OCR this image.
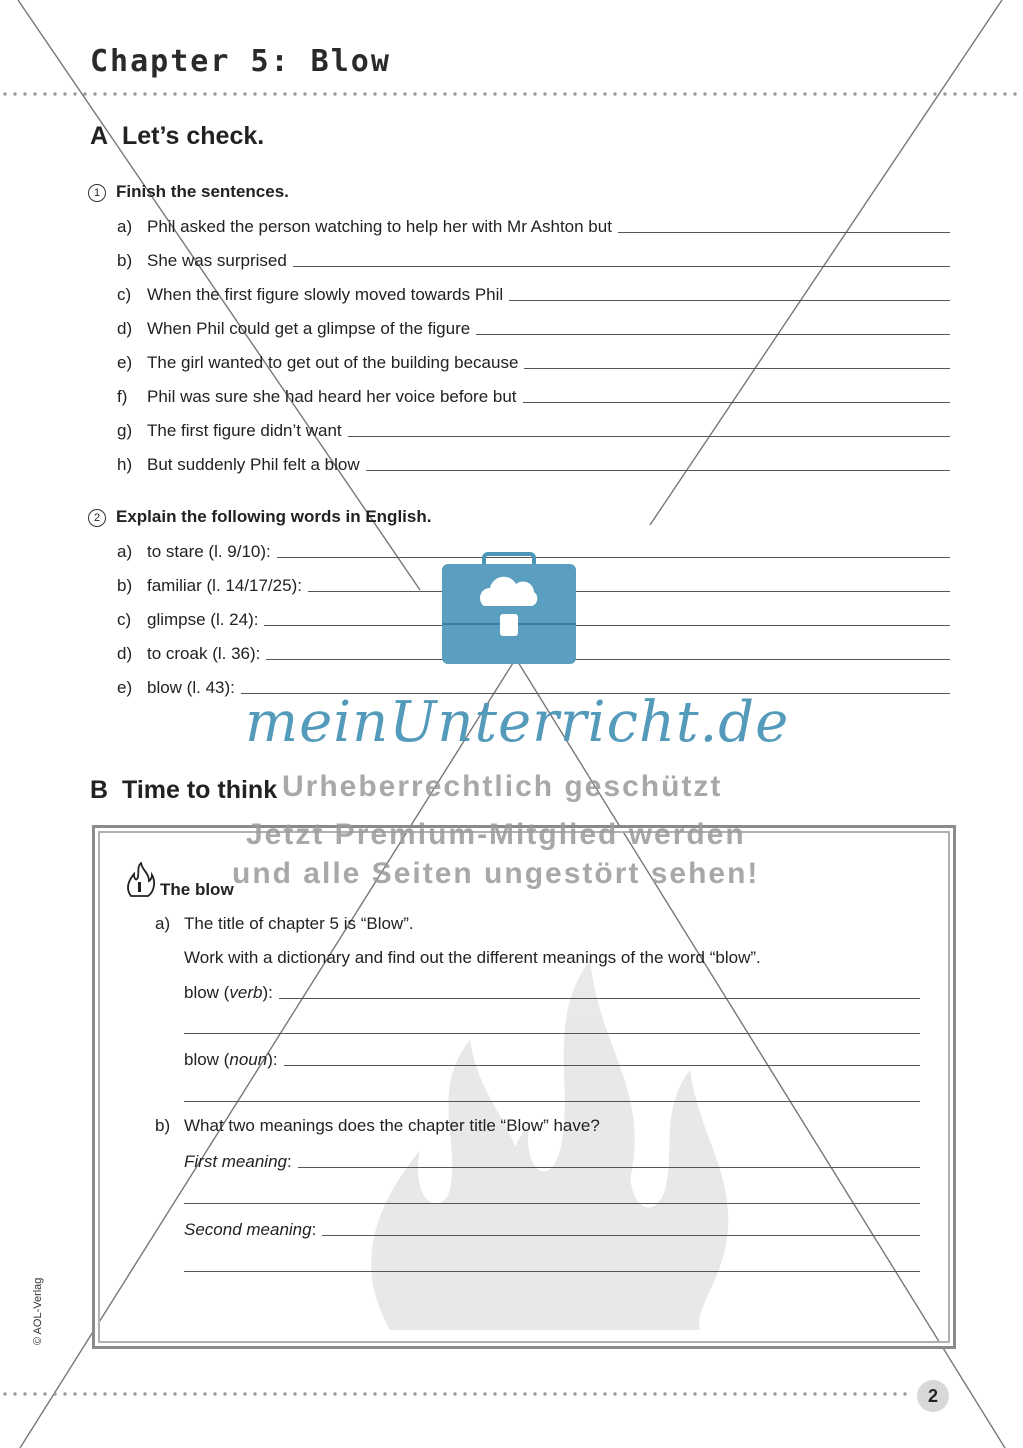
Chapter 5: Blow
A Let’s check.
1 Finish the sentences.
a) Phil asked the person watching to help her with Mr Ashton but
b) She was surprised
c) When the first figure slowly moved towards Phil
d) When Phil could get a glimpse of the figure
e) The girl wanted to get out of the building because
f)	Phil was sure she had heard her voice before but
g) The first figure didn’t want
h) But suddenly Phil felt a blow
2 Explain the following words in English.
a) to stare (l. 9/10):
b) familiar (l. 14/17/25):
c) glimpse (l. 24):
d) to croak (l. 36):
e) blow (l. 43):
meinUnterricht.de
B Time to think Urheberrechtlich geschützt
Jetzt Premium-Mitglied werden
und alle Seiten ungestört sehen!
The blow
a) The title of chapter 5 is “Blow”.
Work with a dictionary and find out the different meanings of the word “blow”.
blow (verb):
blow (noun):
b) What two meanings does the chapter title “Blow” have?
First meaning:
Second meaning:
© AOL-Verlag
2
